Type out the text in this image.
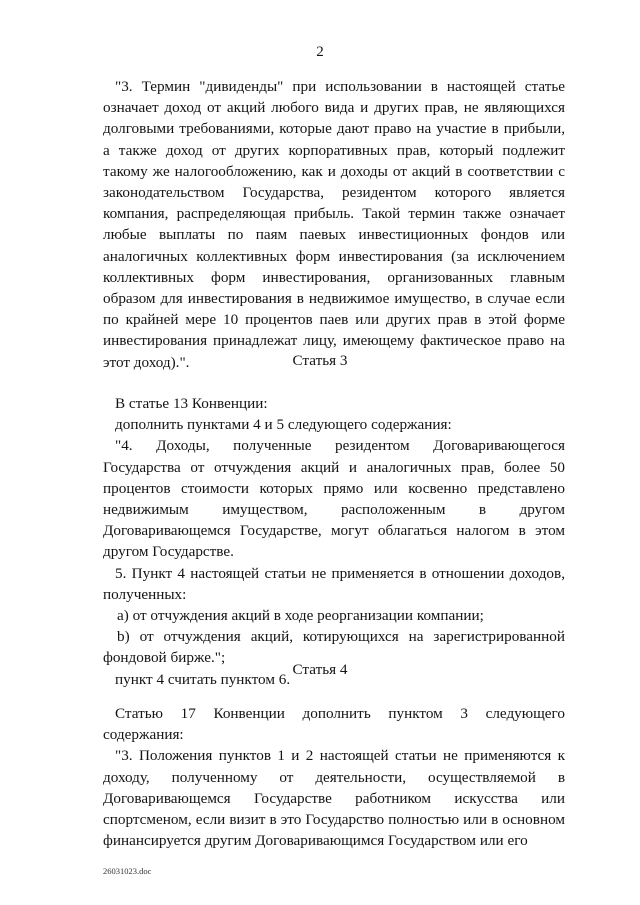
2

"3. Термин "дивиденды" при использовании в настоящей статье означает доход от акций любого вида и других прав, не являющихся долговыми требованиями, которые дают право на участие в прибыли, а также доход от других корпоративных прав, который подлежит такому же налогообложению, как и доходы от акций в соответствии с законодательством Государства, резидентом которого является компания, распределяющая прибыль. Такой термин также означает любые выплаты по паям паевых инвестиционных фондов или аналогичных коллективных форм инвестирования (за исключением коллективных форм инвестирования, организованных главным образом для инвестирования в недвижимое имущество, в случае если по крайней мере 10 процентов паев или других прав в этой форме инвестирования принадлежат лицу, имеющему фактическое право на этот доход).".	Статья 3

В статье 13 Конвенции:

дополнить пунктами 4 и 5 следующего содержания:

"4. Доходы, полученные резидентом Договаривающегося Государства от отчуждения акций и аналогичных прав, более 50 процентов стоимости которых прямо или косвенно представлено недвижимым имуществом, расположенным в другом Договаривающемся Государстве, могут облагаться налогом в этом другом Государстве.

5. Пункт 4 настоящей статьи не применяется в отношении доходов, полученных:

a) от отчуждения акций в ходе реорганизации компании;

b) от отчуждения акций, котирующихся на зарегистрированной фондовой бирже.";

пункт 4 считать пунктом 6.

Статья 4

Статью 17 Конвенции дополнить пунктом 3 следующего содержания:

"3. Положения пунктов 1 и 2 настоящей статьи не применяются к доходу, полученному от деятельности, осуществляемой в Договаривающемся Государстве работником искусства или спортсменом, если визит в это Государство полностью или в основном финансируется другим Договаривающимся Государством или его

26031023.doc
